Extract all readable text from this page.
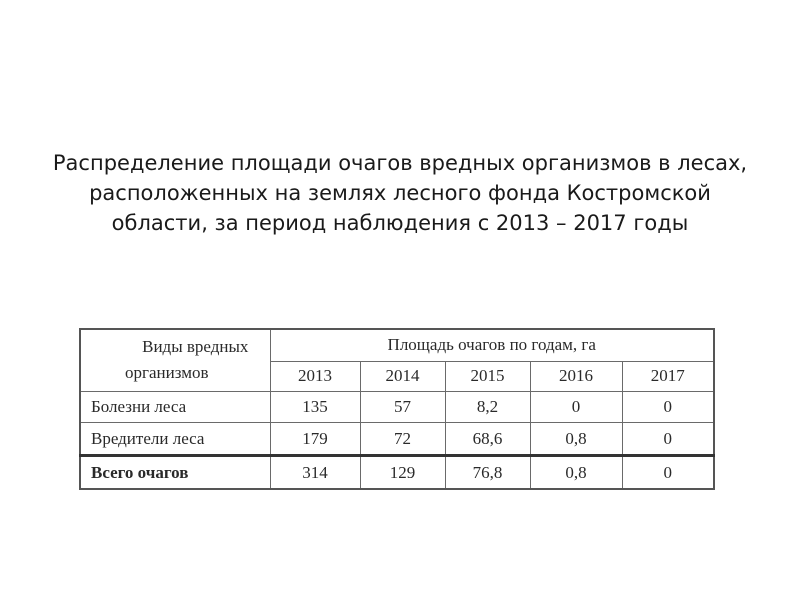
Распределение площади очагов вредных организмов в лесах, расположенных на землях лесного фонда Костромской области, за период наблюдения с 2013 – 2017 годы
Виды вредных
организмов	Площадь очагов по годам, га				
	2013	2014	2015	2016	2017
Болезни леса	135	57	8,2	0	0
Вредители леса	179	72	68,6	0,8	0
Всего очагов	314	129	76,8	0,8	0
